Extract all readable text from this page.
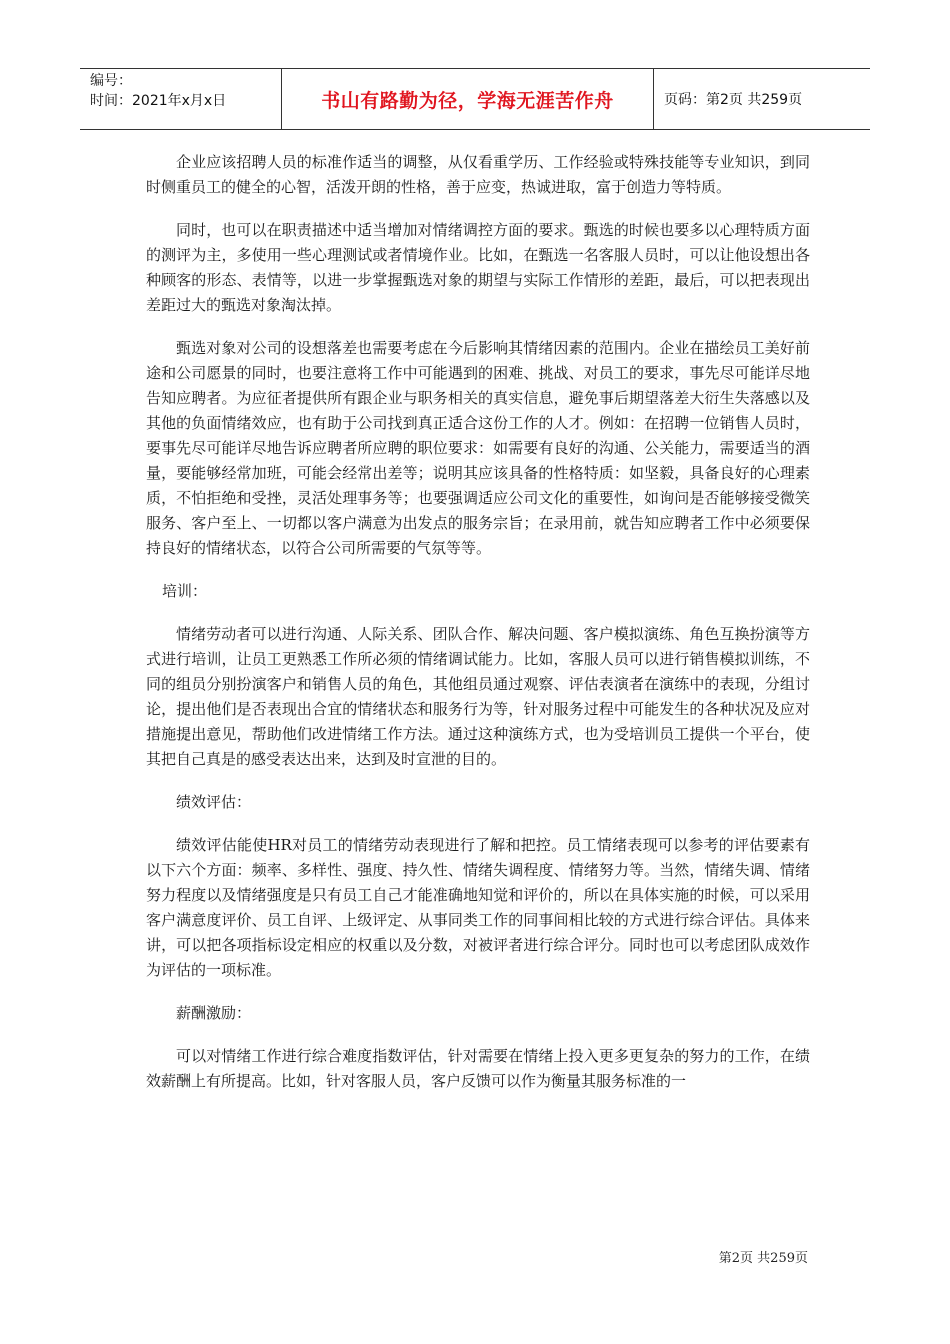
编号：
时间：2021年x月x日	书山有路勤为径，学海无涯苦作舟	页码：第2页 共259页

企业应该招聘人员的标准作适当的调整，从仅看重学历、工作经验或特殊技能等专业知识，到同时侧重员工的健全的心智，活泼开朗的性格，善于应变，热诚进取，富于创造力等特质。

同时，也可以在职责描述中适当增加对情绪调控方面的要求。甄选的时候也要多以心理特质方面的测评为主，多使用一些心理测试或者情境作业。比如，在甄选一名客服人员时，可以让他设想出各种顾客的形态、表情等，以进一步掌握甄选对象的期望与实际工作情形的差距，最后，可以把表现出差距过大的甄选对象淘汰掉。

甄选对象对公司的设想落差也需要考虑在今后影响其情绪因素的范围内。企业在描绘员工美好前途和公司愿景的同时，也要注意将工作中可能遇到的困难、挑战、对员工的要求，事先尽可能详尽地告知应聘者。为应征者提供所有跟企业与职务相关的真实信息，避免事后期望落差大衍生失落感以及其他的负面情绪效应，也有助于公司找到真正适合这份工作的人才。例如：在招聘一位销售人员时，要事先尽可能详尽地告诉应聘者所应聘的职位要求：如需要有良好的沟通、公关能力，需要适当的酒量，要能够经常加班，可能会经常出差等；说明其应该具备的性格特质：如坚毅，具备良好的心理素质，不怕拒绝和受挫，灵活处理事务等；也要强调适应公司文化的重要性，如询问是否能够接受微笑服务、客户至上、一切都以客户满意为出发点的服务宗旨；在录用前，就告知应聘者工作中必须要保持良好的情绪状态，以符合公司所需要的气氛等等。

培训：

情绪劳动者可以进行沟通、人际关系、团队合作、解决问题、客户模拟演练、角色互换扮演等方式进行培训，让员工更熟悉工作所必须的情绪调试能力。比如，客服人员可以进行销售模拟训练，不同的组员分别扮演客户和销售人员的角色，其他组员通过观察、评估表演者在演练中的表现，分组讨论，提出他们是否表现出合宜的情绪状态和服务行为等，针对服务过程中可能发生的各种状况及应对措施提出意见，帮助他们改进情绪工作方法。通过这种演练方式，也为受培训员工提供一个平台，使其把自己真是的感受表达出来，达到及时宣泄的目的。

绩效评估：

绩效评估能使HR对员工的情绪劳动表现进行了解和把控。员工情绪表现可以参考的评估要素有以下六个方面：频率、多样性、强度、持久性、情绪失调程度、情绪努力等。当然，情绪失调、情绪努力程度以及情绪强度是只有员工自己才能准确地知觉和评价的，所以在具体实施的时候，可以采用客户满意度评价、员工自评、上级评定、从事同类工作的同事间相比较的方式进行综合评估。具体来讲，可以把各项指标设定相应的权重以及分数，对被评者进行综合评分。同时也可以考虑团队成效作为评估的一项标准。

薪酬激励：

可以对情绪工作进行综合难度指数评估，针对需要在情绪上投入更多更复杂的努力的工作，在绩效薪酬上有所提高。比如，针对客服人员，客户反馈可以作为衡量其服务标准的一

第2页 共259页
